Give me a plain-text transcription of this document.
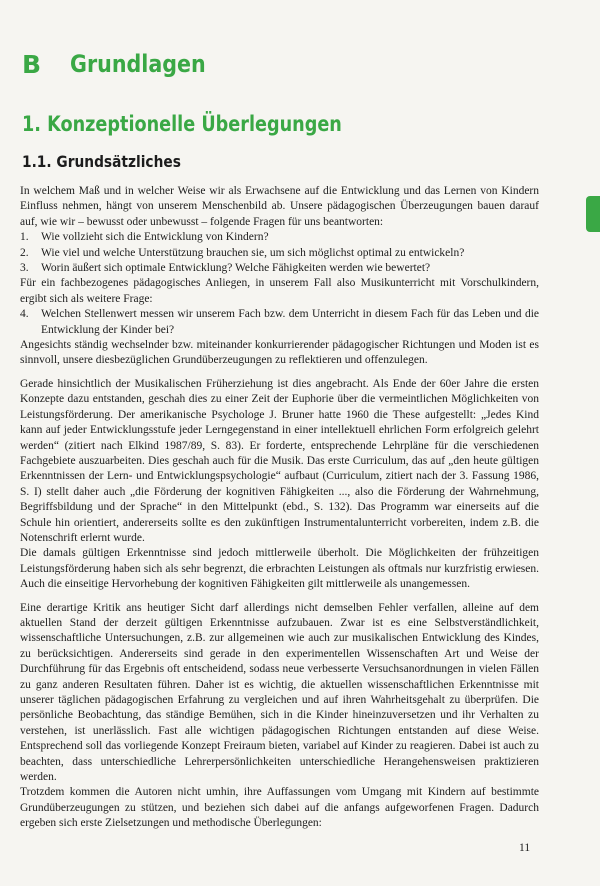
B Grundlagen
1. Konzeptionelle Überlegungen
1.1. Grundsätzliches

In welchem Maß und in welcher Weise wir als Erwachsene auf die Entwicklung und das Lernen von Kindern Einfluss nehmen, hängt von unserem Menschenbild ab. Unsere pädagogischen Überzeugungen bauen darauf auf, wie wir – bewusst oder unbewusst – folgende Fragen für uns beantworten:

1. Wie vollzieht sich die Entwicklung von Kindern?
2. Wie viel und welche Unterstützung brauchen sie, um sich möglichst optimal zu entwickeln?
3. Worin äußert sich optimale Entwicklung? Welche Fähigkeiten werden wie bewertet?

Für ein fachbezogenes pädagogisches Anliegen, in unserem Fall also Musikunterricht mit Vorschulkindern, ergibt sich als weitere Frage:

4. Welchen Stellenwert messen wir unserem Fach bzw. dem Unterricht in diesem Fach für das Leben und die Entwicklung der Kinder bei?

Angesichts ständig wechselnder bzw. miteinander konkurrierender pädagogischer Richtungen und Moden ist es sinnvoll, unsere diesbezüglichen Grundüberzeugungen zu reflektieren und offenzulegen.

Gerade hinsichtlich der Musikalischen Früherziehung ist dies angebracht. Als Ende der 60er Jahre die ersten Konzepte dazu entstanden, geschah dies zu einer Zeit der Euphorie über die vermeintlichen Möglichkeiten von Leistungsförderung. Der amerikanische Psychologe J. Bruner hatte 1960 die These aufgestellt: „Jedes Kind kann auf jeder Entwicklungsstufe jeder Lerngegenstand in einer intellektuell ehrlichen Form erfolgreich gelehrt werden“ (zitiert nach Elkind 1987/89, S. 83). Er forderte, entsprechende Lehrpläne für die verschiedenen Fachgebiete auszuarbeiten. Dies geschah auch für die Musik. Das erste Curriculum, das auf „den heute gültigen Erkenntnissen der Lern- und Entwicklungspsychologie“ aufbaut (Curriculum, zitiert nach der 3. Fassung 1986, S. I) stellt daher auch „die Förderung der kognitiven Fähigkeiten ..., also die Förderung der Wahrnehmung, Begriffsbildung und der Sprache“ in den Mittelpunkt (ebd., S. 132). Das Programm war einerseits auf die Schule hin orientiert, andererseits sollte es den zukünftigen Instrumentalunterricht vorbereiten, indem z.B. die Notenschrift erlernt wurde.

Die damals gültigen Erkenntnisse sind jedoch mittlerweile überholt. Die Möglichkeiten der frühzeitigen Leistungsförderung haben sich als sehr begrenzt, die erbrachten Leistungen als oftmals nur kurzfristig erwiesen. Auch die einseitige Hervorhebung der kognitiven Fähigkeiten gilt mittlerweile als unangemessen.

Eine derartige Kritik ans heutiger Sicht darf allerdings nicht demselben Fehler verfallen, alleine auf dem aktuellen Stand der derzeit gültigen Erkenntnisse aufzubauen. Zwar ist es eine Selbstverständlichkeit, wissenschaftliche Untersuchungen, z.B. zur allgemeinen wie auch zur musikalischen Entwicklung des Kindes, zu berücksichtigen. Andererseits sind gerade in den experimentellen Wissenschaften Art und Weise der Durchführung für das Ergebnis oft entscheidend, sodass neue verbesserte Versuchsanordnungen in vielen Fällen zu ganz anderen Resultaten führen. Daher ist es wichtig, die aktuellen wissenschaftlichen Erkenntnisse mit unserer täglichen pädagogischen Erfahrung zu vergleichen und auf ihren Wahrheitsgehalt zu überprüfen. Die persönliche Beobachtung, das ständige Bemühen, sich in die Kinder hineinzuversetzen und ihr Verhalten zu verstehen, ist unerlässlich. Fast alle wichtigen pädagogischen Richtungen entstanden auf diese Weise. Entsprechend soll das vorliegende Konzept Freiraum bieten, variabel auf Kinder zu reagieren. Dabei ist auch zu beachten, dass unterschiedliche Lehrerpersönlichkeiten unterschiedliche Herangehensweisen praktizieren werden.

Trotzdem kommen die Autoren nicht umhin, ihre Auffassungen vom Umgang mit Kindern auf bestimmte Grundüberzeugungen zu stützen, und beziehen sich dabei auf die anfangs aufgeworfenen Fragen. Dadurch ergeben sich erste Zielsetzungen und methodische Überlegungen:

11
